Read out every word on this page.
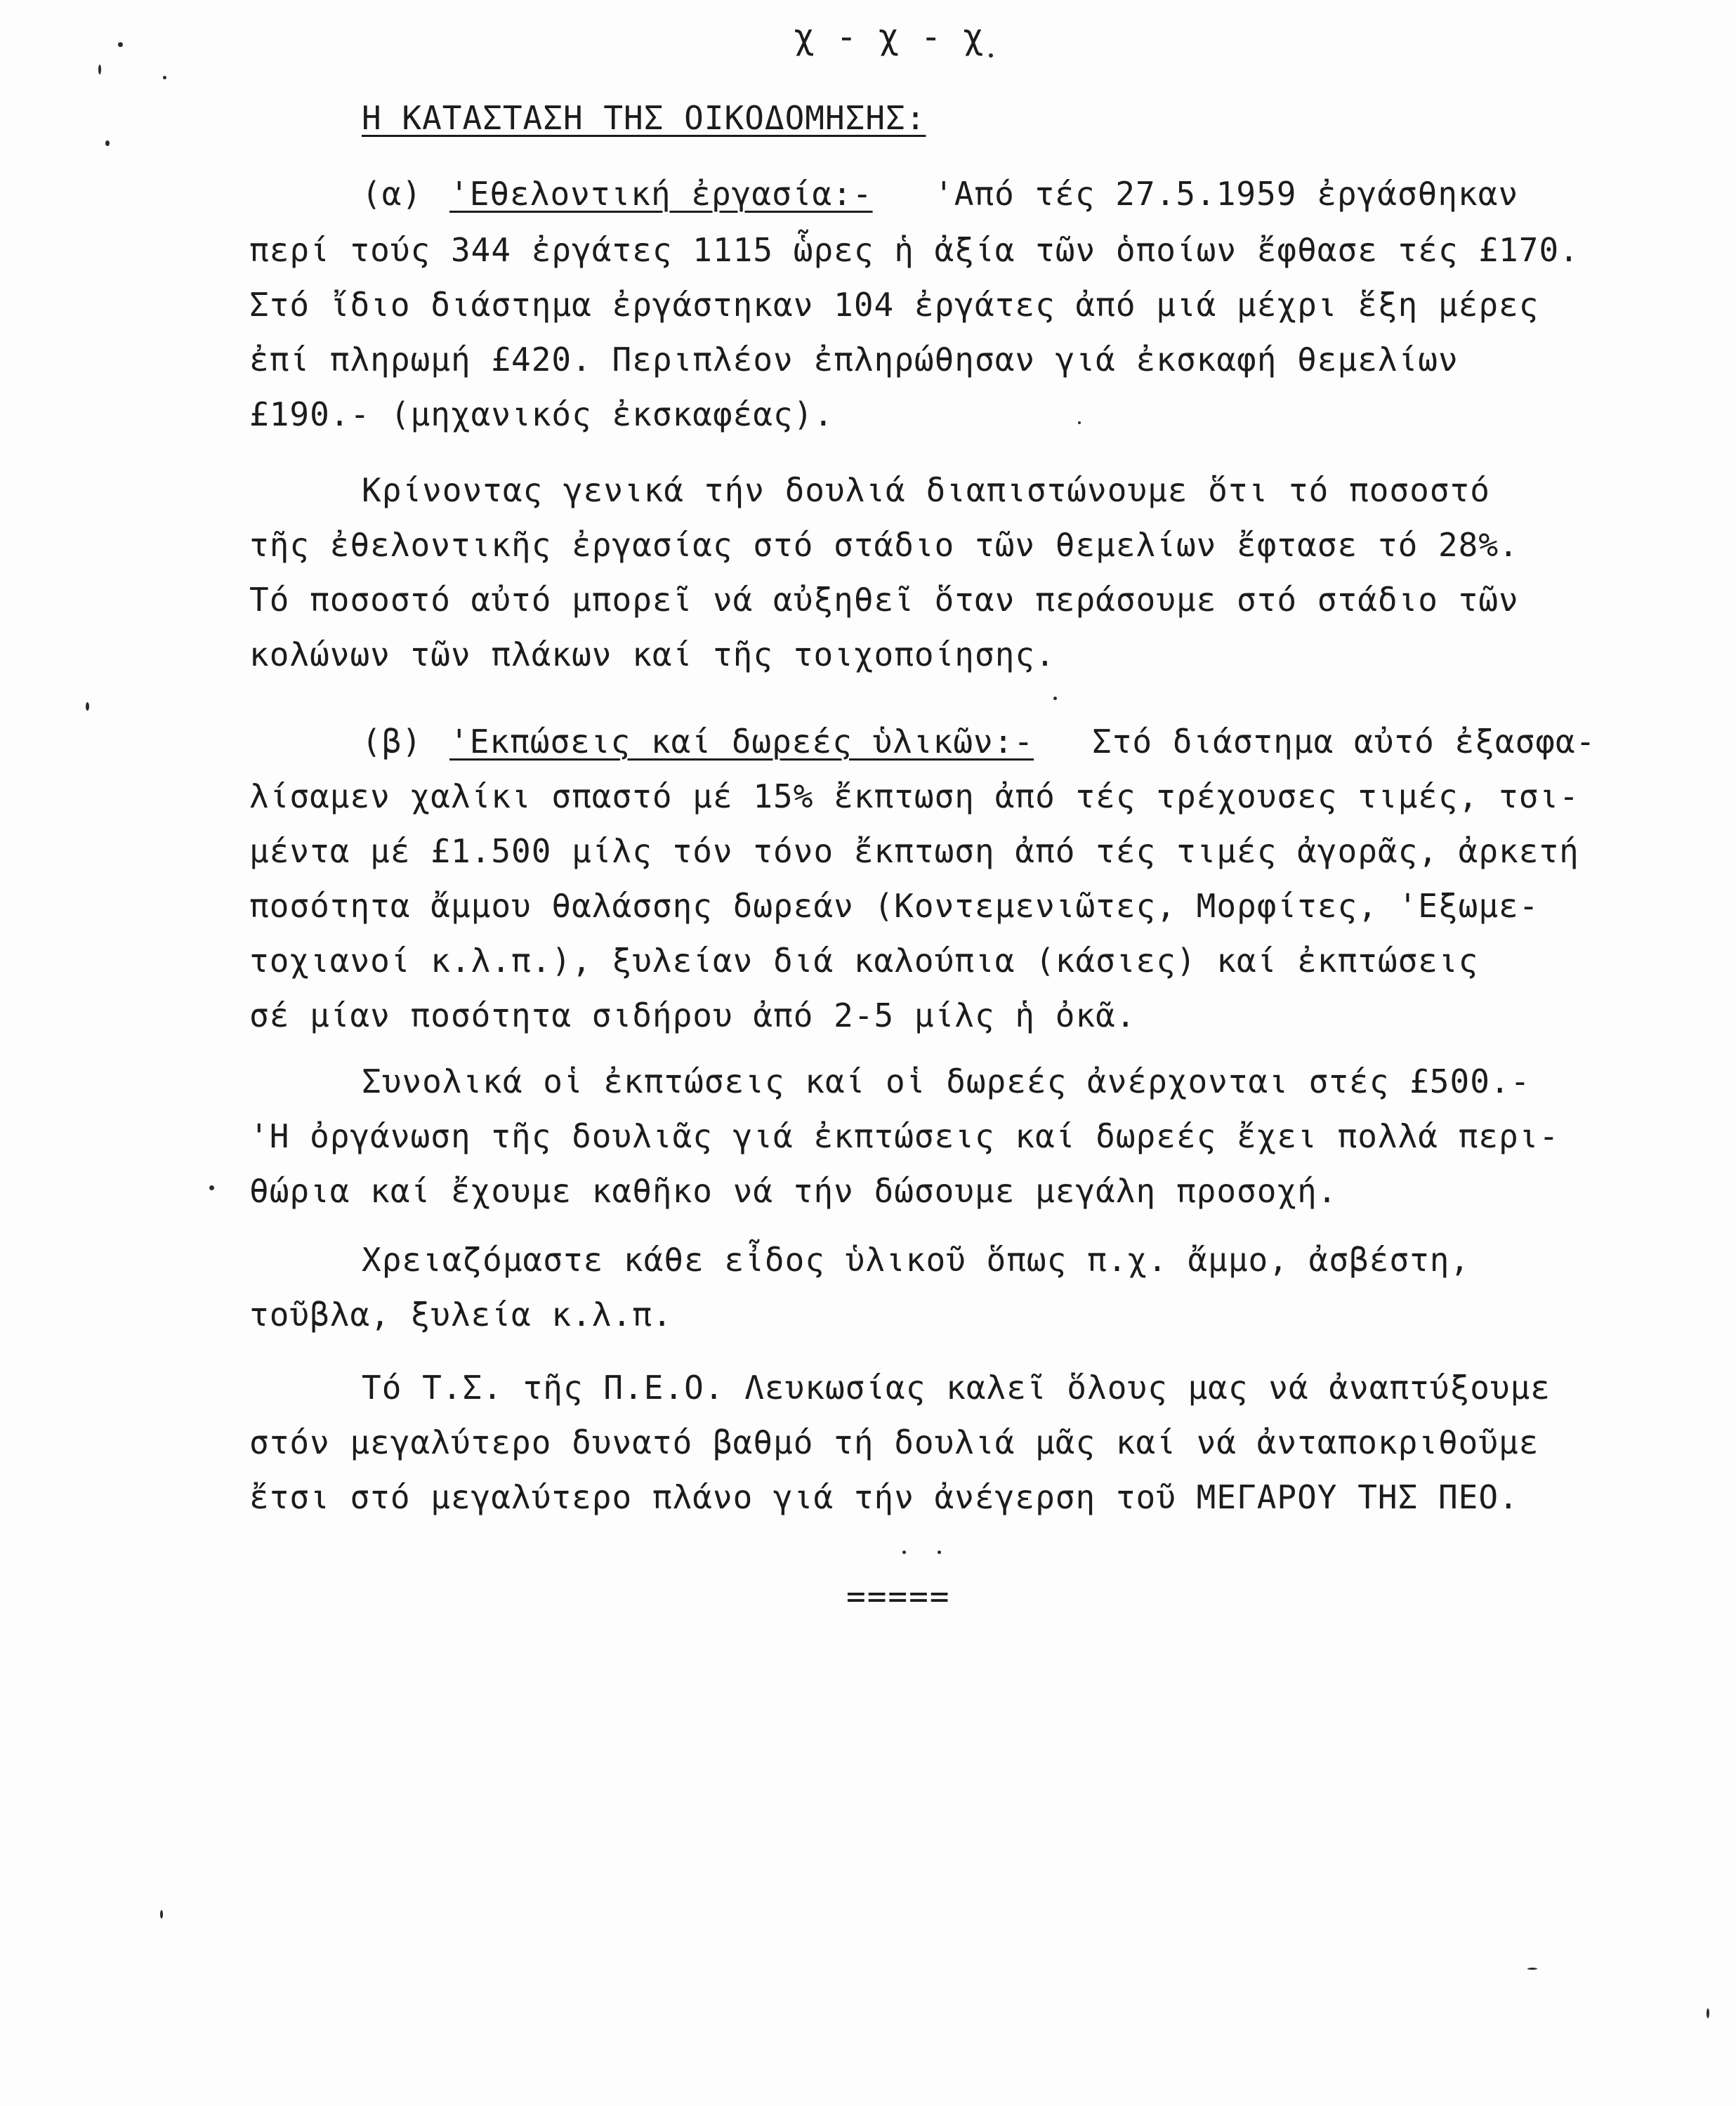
χ - χ - χ
Η ΚΑΤΑΣΤΑΣΗ ΤΗΣ ΟΙΚΟΔΟΜΗΣΗΣ:
(α) 'Εθελοντική ἐργασία:- 'Από τές 27.5.1959 ἐργάσθηκαν
περί τούς 344 ἐργάτες 1115 ὧρες ἡ ἀξία τῶν ὁποίων ἔφθασε τές £170.
Στό ἴδιο διάστημα ἐργάστηκαν 104 ἐργάτες ἀπό μιά μέχρι ἕξη μέρες
ἐπί πληρωμή £420. Περιπλέον ἐπληρώθησαν γιά ἐκσκαφή θεμελίων
£190.- (μηχανικός ἐκσκαφέας).
Κρίνοντας γενικά τήν δουλιά διαπιστώνουμε ὅτι τό ποσοστό
τῆς ἐθελοντικῆς ἐργασίας στό στάδιο τῶν θεμελίων ἔφτασε τό 28%.
Τό ποσοστό αὐτό μπορεῖ νά αὐξηθεῖ ὅταν περάσουμε στό στάδιο τῶν
κολώνων τῶν πλάκων καί τῆς τοιχοποίησης.
(β) 'Εκπώσεις καί δωρεές ὑλικῶν:- Στό διάστημα αὐτό ἐξασφα-
λίσαμεν χαλίκι σπαστό μέ 15% ἔκπτωση ἀπό τές τρέχουσες τιμές, τσι-
μέντα μέ £1.500 μίλς τόν τόνο ἔκπτωση ἀπό τές τιμές ἀγορᾶς, ἀρκετή
ποσότητα ἄμμου θαλάσσης δωρεάν (Κοντεμενιῶτες, Μορφίτες, 'Εξωμε-
τοχιανοί κ.λ.π.), ξυλείαν διά καλούπια (κάσιες) καί ἐκπτώσεις
σέ μίαν ποσότητα σιδήρου ἀπό 2-5 μίλς ἡ ὀκᾶ.
Συνολικά οἱ ἐκπτώσεις καί οἱ δωρεές ἀνέρχονται στές £500.-
'Η ὀργάνωση τῆς δουλιᾶς γιά ἐκπτώσεις καί δωρεές ἔχει πολλά περι-
θώρια καί ἔχουμε καθῆκο νά τήν δώσουμε μεγάλη προσοχή.
Χρειαζόμαστε κάθε εἶδος ὑλικοῦ ὅπως π.χ. ἄμμο, ἀσβέστη,
τοῦβλα, ξυλεία κ.λ.π.
Τό Τ.Σ. τῆς Π.Ε.Ο. Λευκωσίας καλεῖ ὅλους μας νά ἀναπτύξουμε
στόν μεγαλύτερο δυνατό βαθμό τή δουλιά μᾶς καί νά ἀνταποκριθοῦμε
ἔτσι στό μεγαλύτερο πλάνο γιά τήν ἀνέγερση τοῦ ΜΕΓΑΡΟΥ ΤΗΣ ΠΕΟ.
=====
